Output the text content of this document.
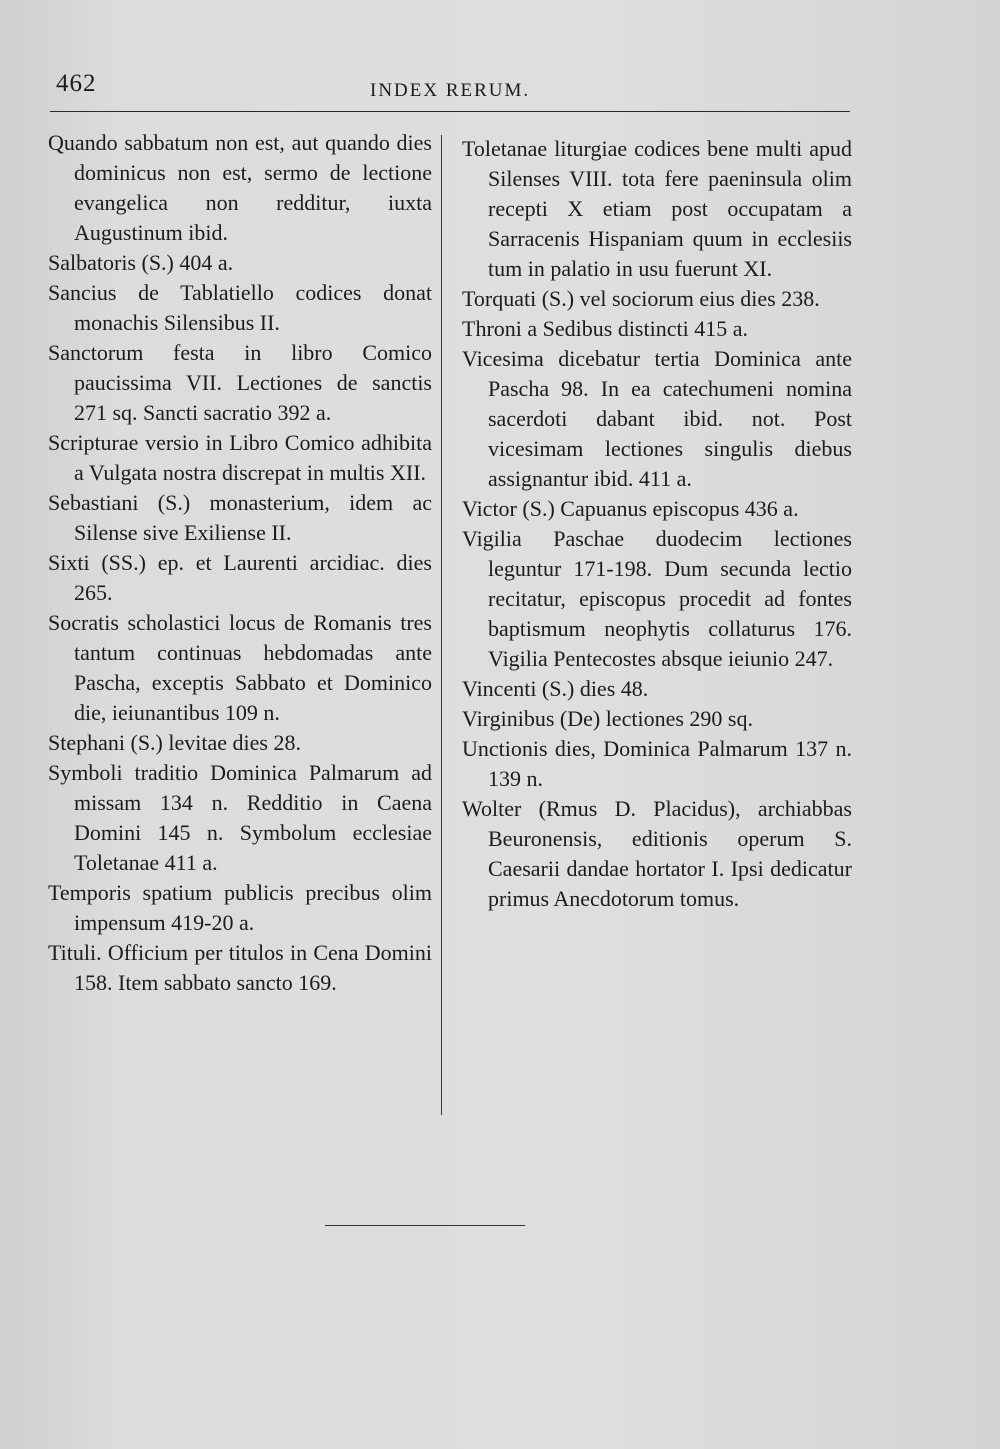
462	INDEX RERUM.

Quando sabbatum non est, aut quando dies dominicus non est, sermo de lectione evangelica non redditur, iuxta Augustinum ibid.

Salbatoris (S.) 404 a.

Sancius de Tablatiello codices donat monachis Silensibus II.

Sanctorum festa in libro Comico paucissima VII. Lectiones de sanctis 271 sq. Sancti sacratio 392 a.

Scripturae versio in Libro Comico adhibita a Vulgata nostra discrepat in multis XII.

Sebastiani (S.) monasterium, idem ac Silense sive Exiliense II.

Sixti (SS.) ep. et Laurenti arcidiac. dies 265.

Socratis scholastici locus de Romanis tres tantum continuas hebdomadas ante Pascha, exceptis Sabbato et Dominico die, ieiunantibus 109 n.

Stephani (S.) levitae dies 28.

Symboli traditio Dominica Palmarum ad missam 134 n. Redditio in Caena Domini 145 n. Symbolum ecclesiae Toletanae 411 a.

Temporis spatium publicis precibus olim impensum 419-20 a.

Tituli. Officium per titulos in Cena Domini 158. Item sabbato sancto 169.

Toletanae liturgiae codices bene multi apud Silenses VIII. tota fere paeninsula olim recepti X etiam post occupatam a Sarracenis Hispaniam quum in ecclesiis tum in palatio in usu fuerunt XI.

Torquati (S.) vel sociorum eius dies 238.

Throni a Sedibus distincti 415 a.

Vicesima dicebatur tertia Dominica ante Pascha 98. In ea catechumeni nomina sacerdoti dabant ibid. not. Post vicesimam lectiones singulis diebus assignantur ibid. 411 a.

Victor (S.) Capuanus episcopus 436 a.

Vigilia Paschae duodecim lectiones leguntur 171-198. Dum secunda lectio recitatur, episcopus procedit ad fontes baptismum neophytis collaturus 176. Vigilia Pentecostes absque ieiunio 247.

Vincenti (S.) dies 48.

Virginibus (De) lectiones 290 sq.

Unctionis dies, Dominica Palmarum 137 n. 139 n.

Wolter (Rmus D. Placidus), archiabbas Beuronensis, editionis operum S. Caesarii dandae hortator I. Ipsi dedicatur primus Anecdotorum tomus.
